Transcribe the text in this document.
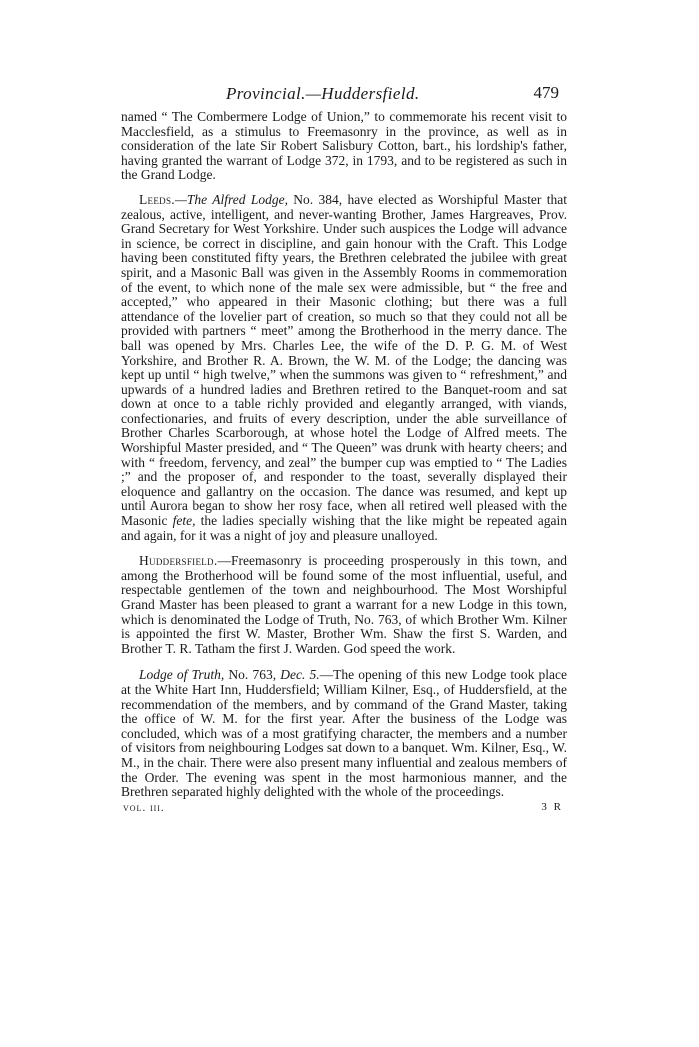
Provincial.—Huddersfield.	479

named “ The Combermere Lodge of Union,” to commemorate his recent visit to Macclesfield, as a stimulus to Freemasonry in the province, as well as in consideration of the late Sir Robert Salisbury Cotton, bart., his lordship's father, having granted the warrant of Lodge 372, in 1793, and to be registered as such in the Grand Lodge.

Leeds.—The Alfred Lodge, No. 384, have elected as Worshipful Master that zealous, active, intelligent, and never-wanting Brother, James Hargreaves, Prov. Grand Secretary for West Yorkshire. Under such auspices the Lodge will advance in science, be correct in discipline, and gain honour with the Craft. This Lodge having been constituted fifty years, the Brethren celebrated the jubilee with great spirit, and a Masonic Ball was given in the Assembly Rooms in commemoration of the event, to which none of the male sex were admissible, but “ the free and accepted,” who appeared in their Masonic clothing; but there was a full attendance of the lovelier part of creation, so much so that they could not all be provided with partners “ meet” among the Brotherhood in the merry dance. The ball was opened by Mrs. Charles Lee, the wife of the D. P. G. M. of West Yorkshire, and Brother R. A. Brown, the W. M. of the Lodge; the dancing was kept up until “ high twelve,” when the summons was given to “ refreshment,” and upwards of a hundred ladies and Brethren retired to the Banquet-room and sat down at once to a table richly provided and elegantly arranged, with viands, confectionaries, and fruits of every description, under the able surveillance of Brother Charles Scarborough, at whose hotel the Lodge of Alfred meets. The Worshipful Master presided, and “ The Queen” was drunk with hearty cheers; and with “ freedom, fervency, and zeal” the bumper cup was emptied to “ The Ladies ;” and the proposer of, and responder to the toast, severally displayed their eloquence and gallantry on the occasion. The dance was resumed, and kept up until Aurora began to show her rosy face, when all retired well pleased with the Masonic fete, the ladies specially wishing that the like might be repeated again and again, for it was a night of joy and pleasure unalloyed.

Huddersfield.—Freemasonry is proceeding prosperously in this town, and among the Brotherhood will be found some of the most influential, useful, and respectable gentlemen of the town and neighbourhood. The Most Worshipful Grand Master has been pleased to grant a warrant for a new Lodge in this town, which is denominated the Lodge of Truth, No. 763, of which Brother Wm. Kilner is appointed the first W. Master, Brother Wm. Shaw the first S. Warden, and Brother T. R. Tatham the first J. Warden. God speed the work.

Lodge of Truth, No. 763, Dec. 5.—The opening of this new Lodge took place at the White Hart Inn, Huddersfield; William Kilner, Esq., of Huddersfield, at the recommendation of the members, and by command of the Grand Master, taking the office of W. M. for the first year. After the business of the Lodge was concluded, which was of a most gratifying character, the members and a number of visitors from neighbouring Lodges sat down to a banquet. Wm. Kilner, Esq., W. M., in the chair. There were also present many influential and zealous members of the Order. The evening was spent in the most harmonious manner, and the Brethren separated highly delighted with the whole of the proceedings.

vol. iii.	3 R
